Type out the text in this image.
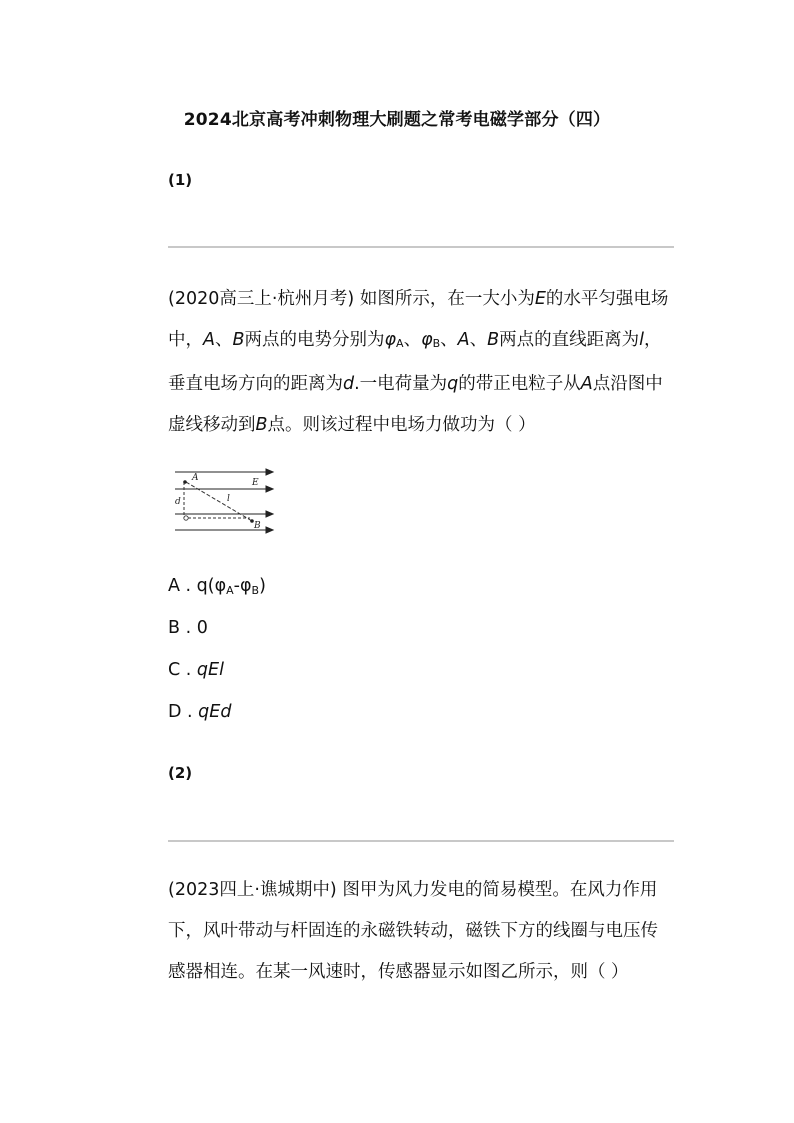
2024北京高考冲刺物理大刷题之常考电磁学部分（四）
(1)
(2020高三上·杭州月考) 如图所示，在一大小为E的水平匀强电场中，A、B两点的电势分别为φA、φB、A、B两点的直线距离为l， 垂直电场方向的距离为d.一电荷量为q的带正电粒子从A点沿图中虚线移动到B点。则该过程中电场力做功为（ ）
A	E
d	l
B
A . q(φA-φB)
B . 0
C . qEl
D . qEd
(2)
(2023四上·谯城期中) 图甲为风力发电的简易模型。在风力作用
下，风叶带动与杆固连的永磁铁转动，磁铁下方的线圈与电压传
感器相连。在某一风速时，传感器显示如图乙所示，则（ ）
